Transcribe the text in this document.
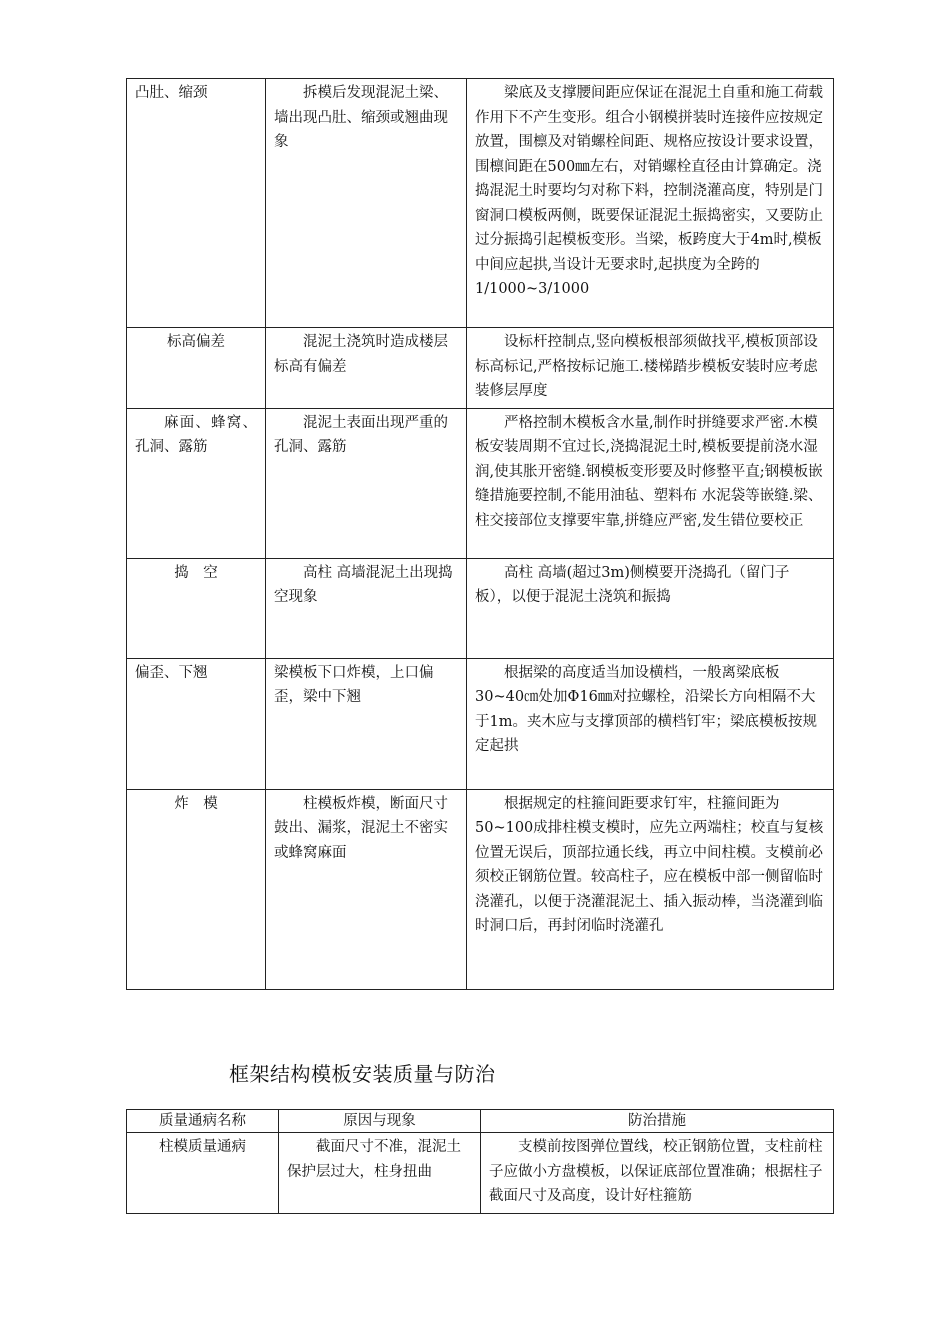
凸肚、缩颈	拆模后发现混泥土梁、墙出现凸肚、缩颈或翘曲现象	梁底及支撑腰间距应保证在混泥土自重和施工荷载作用下不产生变形。组合小钢模拼装时连接件应按规定放置，围檩及对销螺栓间距、规格应按设计要求设置，围檩间距在500㎜左右，对销螺栓直径由计算确定。浇捣混泥土时要均匀对称下料，控制浇灌高度，特别是门窗洞口模板两侧，既要保证混泥土振捣密实，又要防止过分振捣引起模板变形。当梁，板跨度大于4m时,模板中间应起拱,当设计无要求时,起拱度为全跨的1/1000~3/1000
标高偏差	混泥土浇筑时造成楼层标高有偏差	设标杆控制点,竖向模板根部须做找平,模板顶部设标高标记,严格按标记施工.楼梯踏步模板安装时应考虑装修层厚度
麻面、蜂窝、孔洞、露筋	混泥土表面出现严重的孔洞、露筋	严格控制木模板含水量,制作时拼缝要求严密.木模板安装周期不宜过长,浇捣混泥土时,模板要提前浇水湿润,使其胀开密缝.钢模板变形要及时修整平直;钢模板嵌缝措施要控制,不能用油毡、塑料布 水泥袋等嵌缝.梁、柱交接部位支撑要牢靠,拼缝应严密,发生错位要校正
捣　空	高柱 高墙混泥土出现捣空现象	高柱 高墙(超过3m)侧模要开浇捣孔（留门子板），以便于混泥土浇筑和振捣
偏歪、下翘	梁模板下口炸模，上口偏歪，梁中下翘	根据梁的高度适当加设横档，一般离梁底板30~40㎝处加Φ16㎜对拉螺栓，沿梁长方向相隔不大于1m。夹木应与支撑顶部的横档钉牢；梁底模板按规定起拱
炸　模	柱模板炸模，断面尺寸鼓出、漏浆，混泥土不密实或蜂窝麻面	根据规定的柱箍间距要求钉牢，柱箍间距为50~100成排柱模支模时，应先立两端柱；校直与复核位置无误后，顶部拉通长线，再立中间柱模。支模前必须校正钢筋位置。较高柱子，应在模板中部一侧留临时浇灌孔，以便于浇灌混泥土、插入振动棒，当浇灌到临时洞口后，再封闭临时浇灌孔
框架结构模板安装质量与防治
质量通病名称	原因与现象	防治措施
柱模质量通病	截面尺寸不准，混泥土保护层过大，柱身扭曲	支模前按图弹位置线，校正钢筋位置，支柱前柱子应做小方盘模板，以保证底部位置准确；根据柱子截面尺寸及高度，设计好柱箍筋
